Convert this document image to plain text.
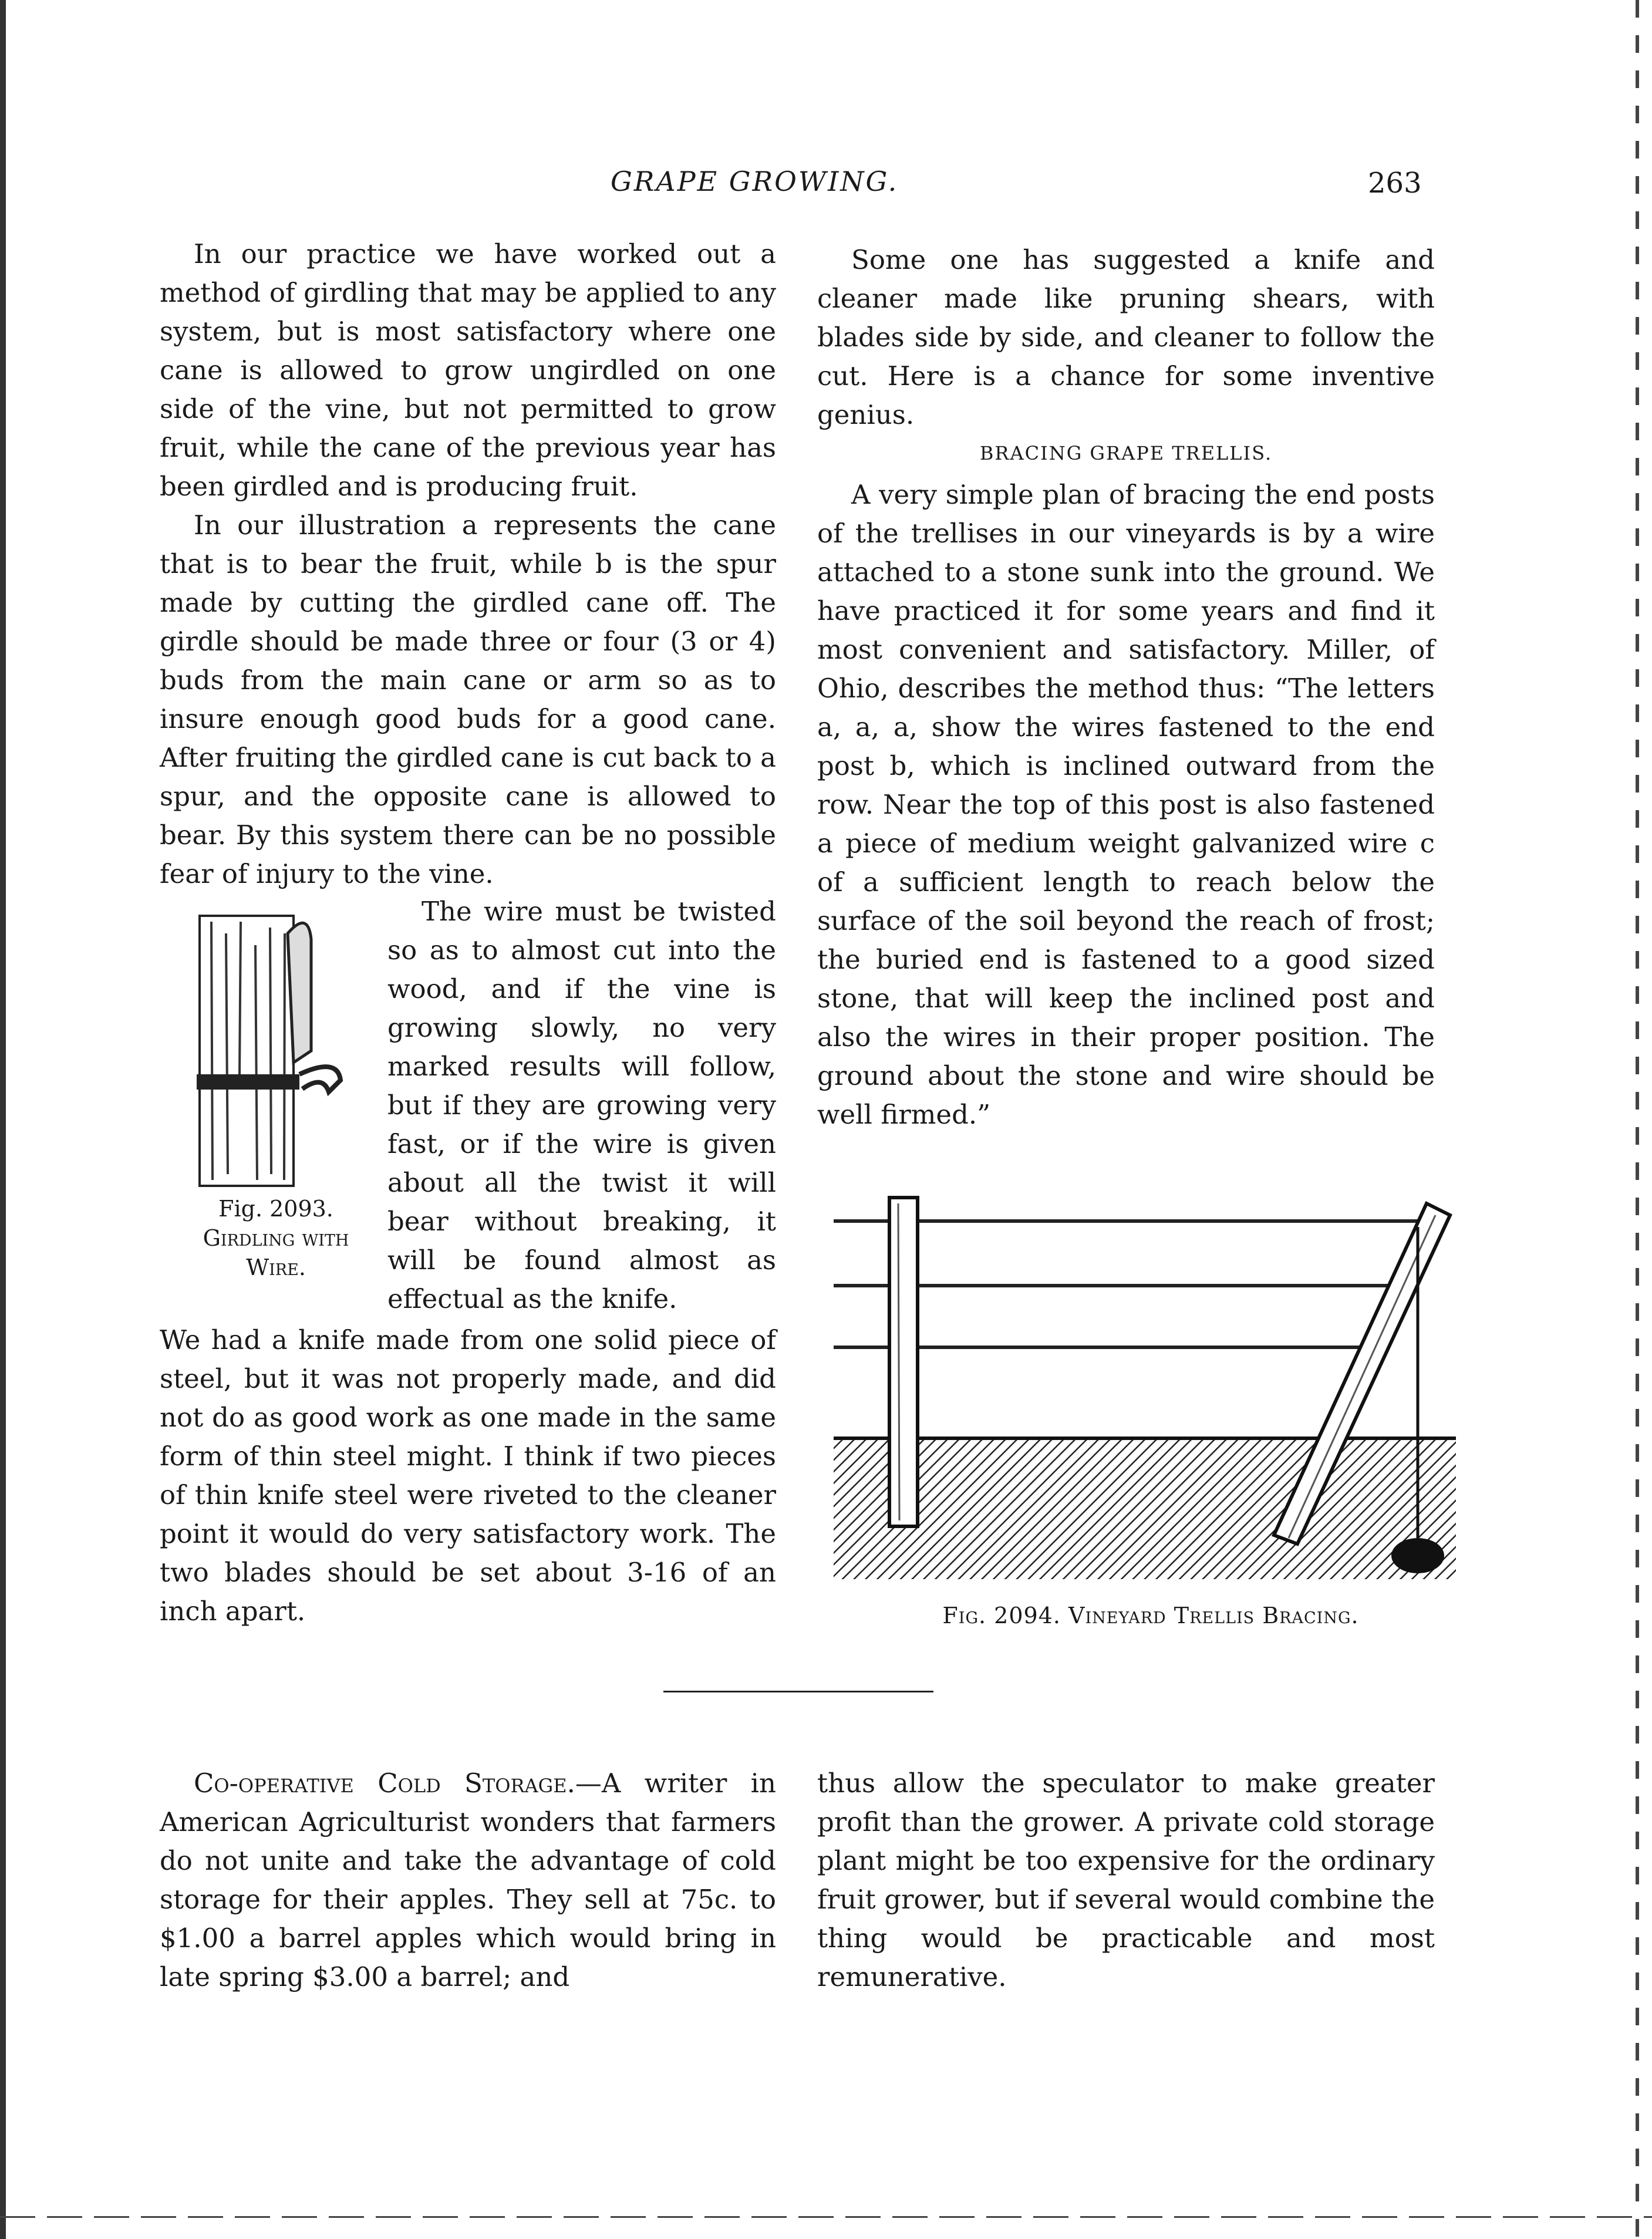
GRAPE GROWING.	263

In our practice we have worked out a method of girdling that may be applied to any system, but is most satisfactory where one cane is allowed to grow ungirdled on one side of the vine, but not permitted to grow fruit, while the cane of the previous year has been girdled and is producing fruit.

In our illustration a represents the cane that is to bear the fruit, while b is the spur made by cutting the girdled cane off. The girdle should be made three or four (3 or 4) buds from the main cane or arm so as to insure enough good buds for a good cane. After fruiting the girdled cane is cut back to a spur, and the opposite cane is allowed to bear. By this system there can be no possible fear of injury to the vine.

Fig. 2093.
Girdling with
Wire.

The wire must be twisted so as to almost cut into the wood, and if the vine is growing slowly, no very marked results will follow, but if they are growing very fast, or if the wire is given about all the twist it will bear without breaking, it will be found almost as effectual as the knife.

We had a knife made from one solid piece of steel, but it was not properly made, and did not do as good work as one made in the same form of thin steel might. I think if two pieces of thin knife steel were riveted to the cleaner point it would do very satisfactory work. The two blades should be set about 3-16 of an inch apart.

Some one has suggested a knife and cleaner made like pruning shears, with blades side by side, and cleaner to follow the cut. Here is a chance for some inventive genius.

BRACING GRAPE TRELLIS.

A very simple plan of bracing the end posts of the trellises in our vineyards is by a wire attached to a stone sunk into the ground. We have practiced it for some years and find it most convenient and satisfactory. Miller, of Ohio, describes the method thus: “The letters a, a, a, show the wires fastened to the end post b, which is inclined outward from the row. Near the top of this post is also fastened a piece of medium weight galvanized wire c of a sufficient length to reach below the surface of the soil beyond the reach of frost; the buried end is fastened to a good sized stone, that will keep the inclined post and also the wires in their proper position. The ground about the stone and wire should be well firmed.”

Fig. 2094. Vineyard Trellis Bracing.

Co-operative Cold Storage.—A writer in American Agriculturist wonders that farmers do not unite and take the advantage of cold storage for their apples. They sell at 75c. to $1.00 a barrel apples which would bring in late spring $3.00 a barrel; and

thus allow the speculator to make greater profit than the grower. A private cold storage plant might be too expensive for the ordinary fruit grower, but if several would combine the thing would be practicable and most remunerative.
